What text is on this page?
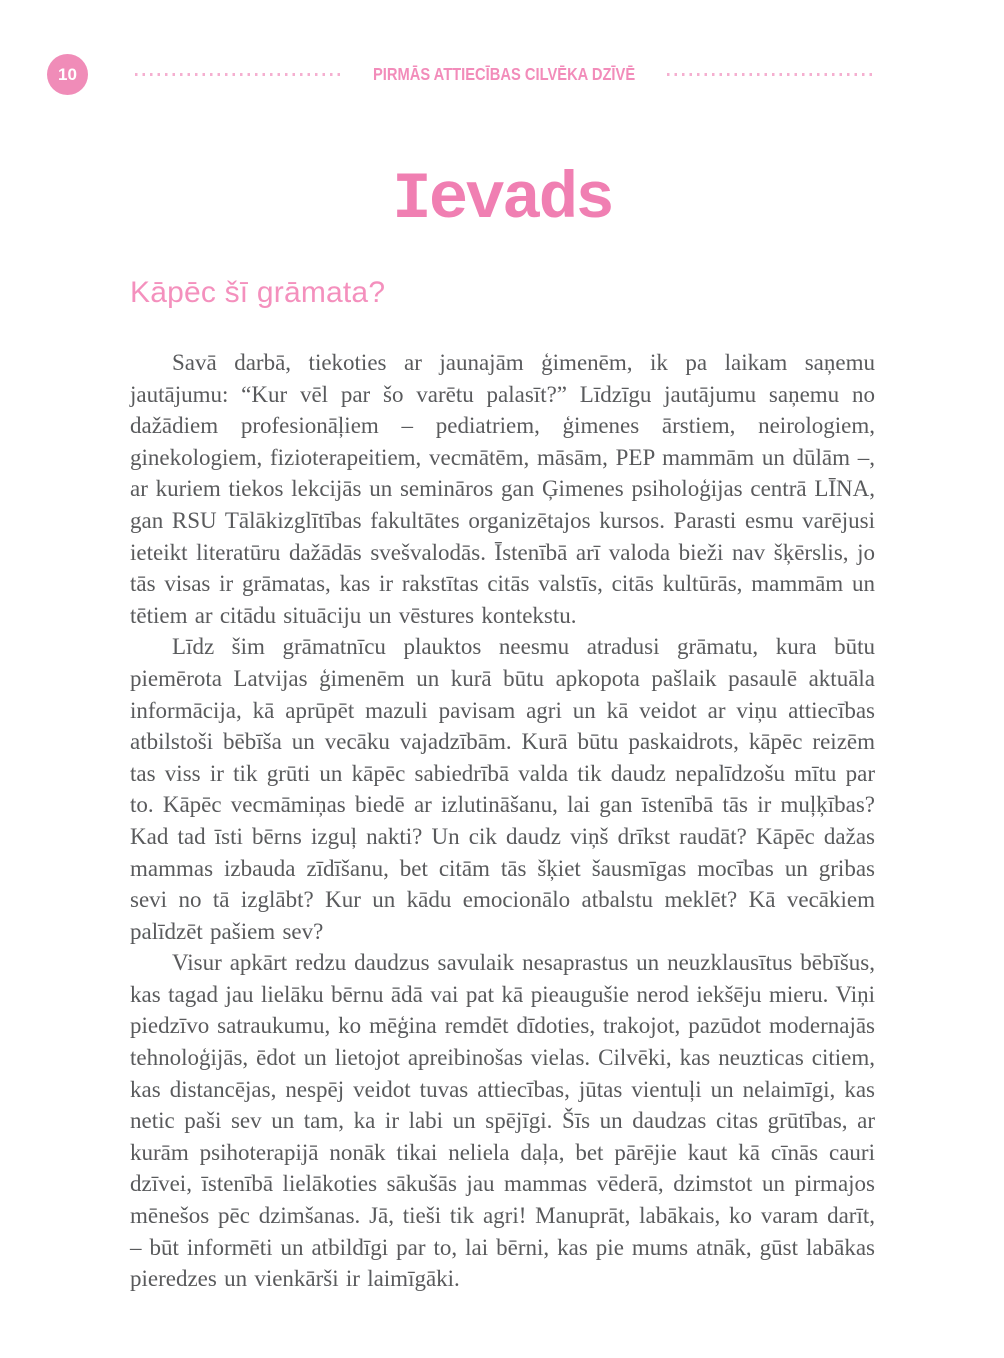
10	PIRMĀS ATTIECĪBAS CILVĒKA DZĪVĒ
Ievads
Kāpēc šī grāmata?

Savā darbā, tiekoties ar jaunajām ģimenēm, ik pa laikam saņemu jautājumu: “Kur vēl par šo varētu palasīt?” Līdzīgu jautājumu saņemu no dažādiem profesionāļiem – pediatriem, ģimenes ārstiem, neirologiem, ginekologiem, fizioterapeitiem, vecmātēm, māsām, PEP mammām un dūlām –, ar kuriem tiekos lekcijās un semināros gan Ģimenes psiholoģijas centrā LĪNA, gan RSU Tālākizglītības fakultātes organizētajos kursos. Parasti esmu varējusi ieteikt literatūru dažādās svešvalodās. Īstenībā arī valoda bieži nav šķērslis, jo tās visas ir grāmatas, kas ir rakstītas citās valstīs, citās kultūrās, mammām un tētiem ar citādu situāciju un vēstures kontekstu.

Līdz šim grāmatnīcu plauktos neesmu atradusi grāmatu, kura būtu piemērota Latvijas ģimenēm un kurā būtu apkopota pašlaik pasaulē aktuāla informācija, kā aprūpēt mazuli pavisam agri un kā veidot ar viņu attiecības atbilstoši bēbīša un vecāku vajadzībām. Kurā būtu paskaidrots, kāpēc reizēm tas viss ir tik grūti un kāpēc sabiedrībā valda tik daudz nepalīdzošu mītu par to. Kāpēc vecmāmiņas biedē ar izlutināšanu, lai gan īstenībā tās ir muļķības? Kad tad īsti bērns izguļ nakti? Un cik daudz viņš drīkst raudāt? Kāpēc dažas mammas izbauda zīdīšanu, bet citām tās šķiet šausmīgas mocības un gribas sevi no tā izglābt? Kur un kādu emocionālo atbalstu meklēt? Kā vecākiem palīdzēt pašiem sev?

Visur apkārt redzu daudzus savulaik nesaprastus un neuzklausītus bēbīšus, kas tagad jau lielāku bērnu ādā vai pat kā pieaugušie nerod iekšēju mieru. Viņi piedzīvo satraukumu, ko mēģina remdēt dīdoties, trakojot, pazūdot modernajās tehnoloģijās, ēdot un lietojot apreibinošas vielas. Cilvēki, kas neuzticas citiem, kas distancējas, nespēj veidot tuvas attiecības, jūtas vientuļi un nelaimīgi, kas netic paši sev un tam, ka ir labi un spējīgi. Šīs un daudzas citas grūtības, ar kurām psihoterapijā nonāk tikai neliela daļa, bet pārējie kaut kā cīnās cauri dzīvei, īstenībā lielākoties sākušās jau mammas vēderā, dzimstot un pirmajos mēnešos pēc dzimšanas. Jā, tieši tik agri! Manuprāt, labākais, ko varam darīt, – būt informēti un atbildīgi par to, lai bērni, kas pie mums atnāk, gūst labākas pieredzes un vienkārši ir laimīgāki.
